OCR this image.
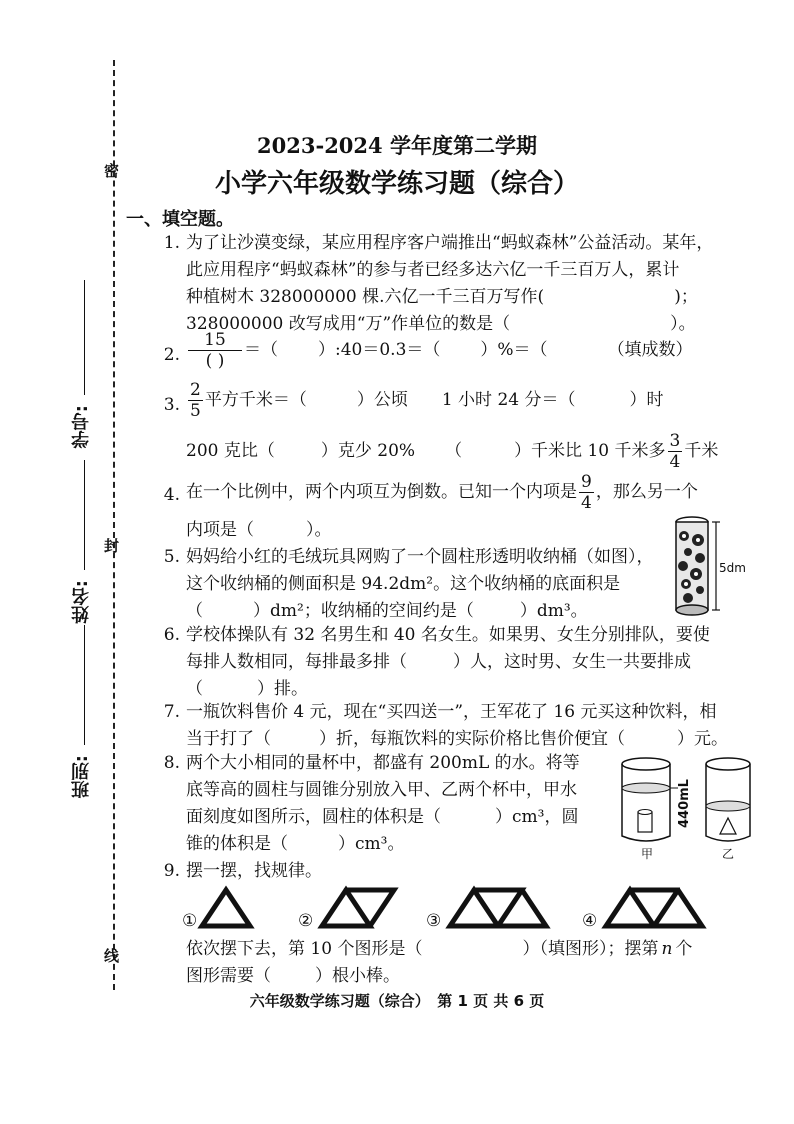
密
封
线
学号:
姓名:
班别:
2023-2024 学年度第二学期
小学六年级数学练习题（综合）
一、填空题。
1. 为了让沙漠变绿，某应用程序客户端推出“蚂蚁森林”公益活动。某年，
此应用程序“蚂蚁森林”的参与者已经多达六亿一千三百万人，累计
种植树木 328000000 棵.六亿一千三百万写作(	)；
328000000 改写成用“万”作单位的数是（	）。
2. $\frac{15}{( )}$ ＝（ ）:40＝0.3＝（ ）%＝（	（填成数）
3. $\frac{2}{5}$ 平方千米＝（	）公顷 1 小时 24 分＝（	）时
200 克比（	）克少 20% （	）千米比 10 千米多 $\frac{3}{4}$ 千米
4. 在一个比例中，两个内项互为倒数。已知一个内项是 $\frac{9}{4}$ ，那么另一个
内项是（	）。
5. 妈妈给小红的毛绒玩具网购了一个圆柱形透明收纳桶（如图），
这个收纳桶的侧面积是 94.2dm²。这个收纳桶的底面积是
（	）dm²；收纳桶的空间约是（	）dm³。
5dm
6. 学校体操队有 32 名男生和 40 名女生。如果男、女生分别排队，要使
每排人数相同，每排最多排（	）人，这时男、女生一共要排成
（	）排。
7. 一瓶饮料售价 4 元，现在“买四送一”，王军花了 16 元买这种饮料，相
当于打了（	）折，每瓶饮料的实际价格比售价便宜（	）元。
8. 两个大小相同的量杯中，都盛有 200mL 的水。将等
底等高的圆柱与圆锥分别放入甲、乙两个杯中，甲水
面刻度如图所示，圆柱的体积是（	）cm³，圆
锥的体积是（	）cm³。
440mL
甲	乙
9. 摆一摆，找规律。
①	②	③	④
依次摆下去，第 10 个图形是（	）（填图形）；摆第 n 个
图形需要（	）根小棒。
六年级数学练习题（综合）　第 1 页 共 6 页
